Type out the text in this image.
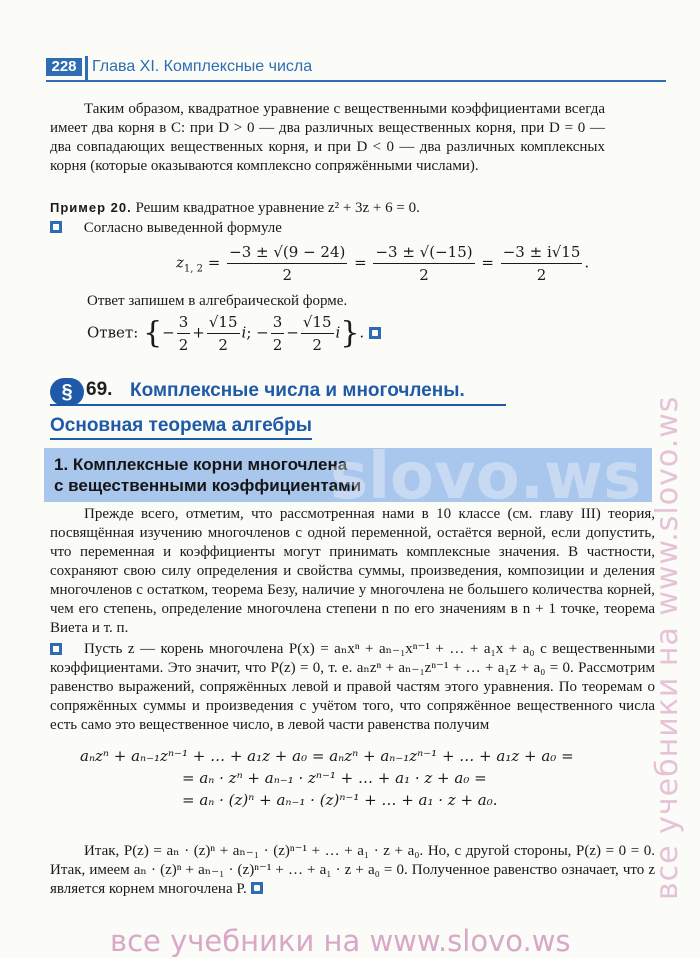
228 Глава XI. Комплексные числа
Таким образом, квадратное уравнение с вещественными коэффициентами всегда имеет два корня в C: при D > 0 — два различных вещественных корня, при D = 0 — два совпадающих вещественных корня, и при D < 0 — два различных комплексных корня (которые оказываются комплексно сопряжёнными числами).
Пример 20. Решим квадратное уравнение z² + 3z + 6 = 0.
Согласно выведенной формуле
$z_{1, 2} = \frac{-3 \pm √(9 - 24)}{2} = \frac{-3 \pm √(-15)}{2} = \frac{-3 \pm i√15}{2}$ .
Ответ запишем в алгебраической форме.
Ответ: {− $\frac{3}{2} + \frac{√15}{2} i$; − $\frac{3}{2} - \frac{√15}{2} i$}.
§ 69. Комплексные числа и многочлены.
Основная теорема алгебры
1. Комплексные корни многочлена
с вещественными коэффициентами
Прежде всего, отметим, что рассмотренная нами в 10 классе (см. главу III) теория, посвящённая изучению многочленов с одной переменной, остаётся верной, если допустить, что переменная и коэффициенты могут принимать комплексные значения. В частности, сохраняют свою силу определения и свойства суммы, произведения, композиции и деления многочленов с остатком, теорема Безу, наличие у многочлена не большего количества корней, чем его степень, определение многочлена степени n по его значениям в n + 1 точке, теорема Виета и т. п.
Пусть z — корень многочлена P(x) = aₙxⁿ + aₙ₋₁xⁿ⁻¹ + … + a₁x + a₀ с вещественными коэффициентами. Это значит, что P(z) = 0, т. е. aₙzⁿ + aₙ₋₁zⁿ⁻¹ + … + a₁z + a₀ = 0. Рассмотрим равенство выражений, сопряжённых левой и правой частям этого уравнения. По теоремам о сопряжённых суммы и произведения с учётом того, что сопряжённое вещественного числа есть само это вещественное число, в левой части равенства получим
aₙzⁿ + aₙ₋₁zⁿ⁻¹ + … + a₁z + a₀ = aₙzⁿ + aₙ₋₁zⁿ⁻¹ + … + a₁z + a₀ =
= aₙ · zⁿ + aₙ₋₁ · zⁿ⁻¹ + … + a₁ · z + a₀ =
= aₙ · (z)ⁿ + aₙ₋₁ · (z)ⁿ⁻¹ + … + a₁ · z + a₀.
Итак, P(z) = aₙ · (z)ⁿ + aₙ₋₁ · (z)ⁿ⁻¹ + … + a₁ · z + a₀. Но, с другой стороны, P(z) = 0 = 0. Итак, имеем aₙ · (z)ⁿ + aₙ₋₁ · (z)ⁿ⁻¹ + … + a₁ · z + a₀ = 0. Полученное равенство означает, что z является корнем многочлена P.	все учебники на www.slovo.ws
все учебники на www.slovo.ws
slovo.ws
